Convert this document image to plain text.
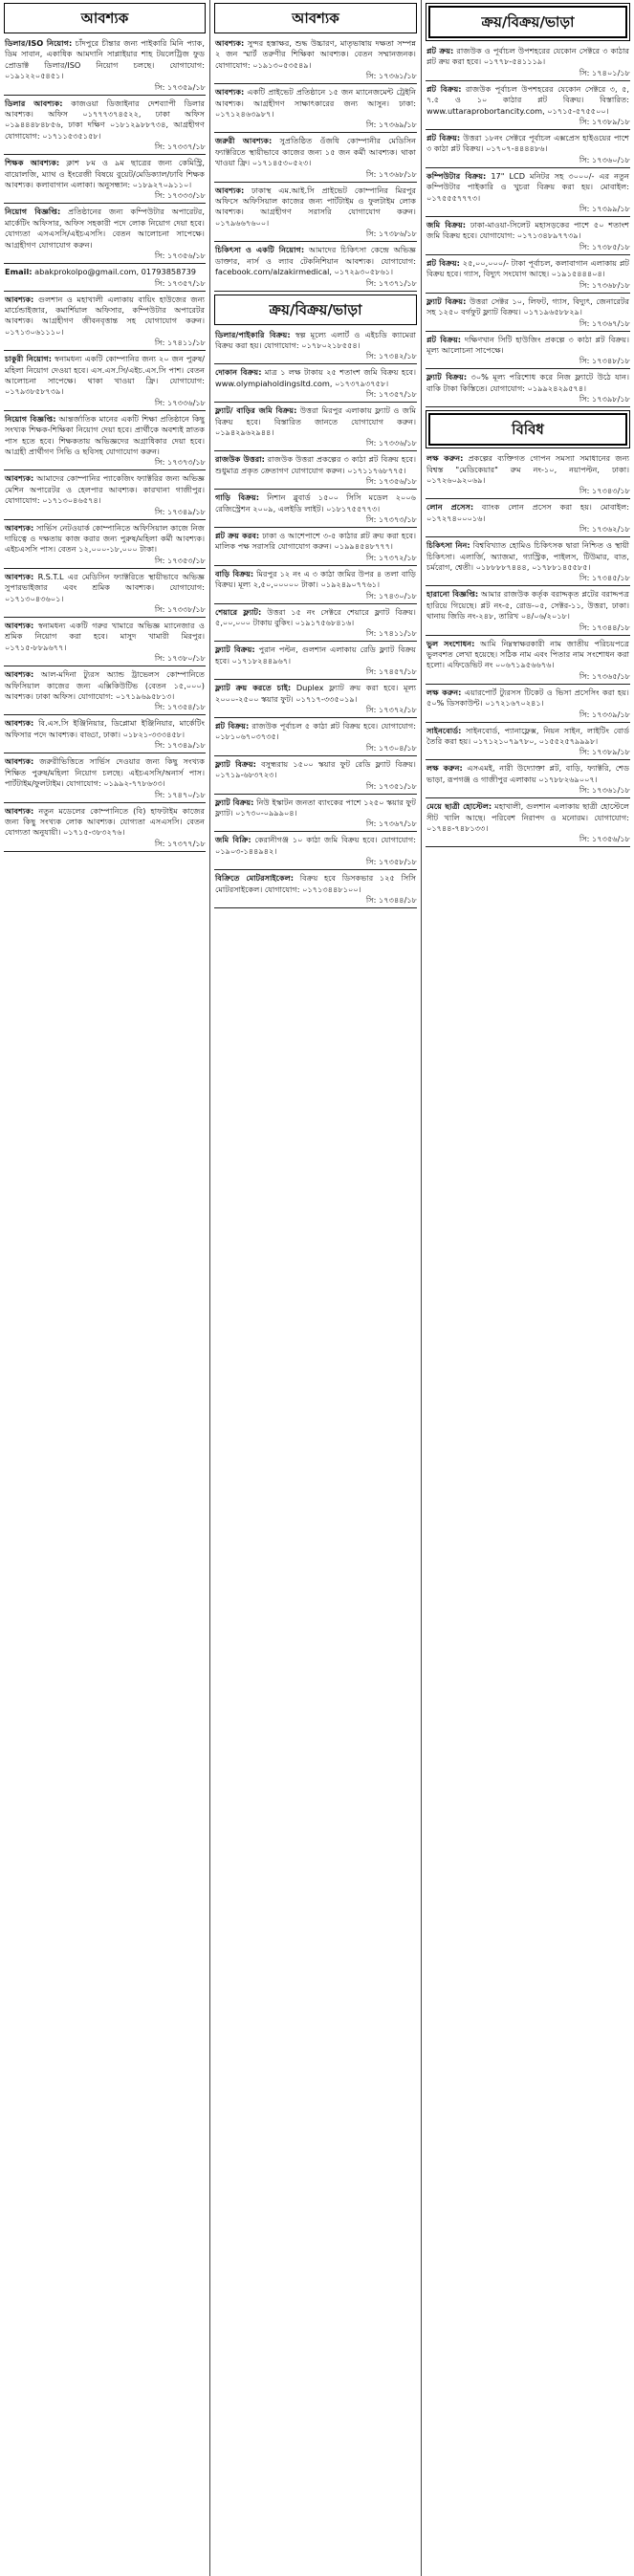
আবশ্যক
ডিলার/ISO নিয়োগ: চাঁদপুরে চীন্তার জন্য পাইকারি মিনি প্যাক, ডিম সাবান, একাধিক আমদানি সাপ্লাইয়ার শাহ টয়লেট্রিজ ফুড প্রোডাক্ট ডিলার/ISO নিয়োগ চলছে। যোগাযোগ: ০১৯১২২০৫৪৫১।
সি: ১৭৩৫৯/১৮
ডিলার আবশ্যক: কাজওয়া ডিজাইনার দেশব্যাপী ডিলার আবশ্যক। অফিস ০১৭৭৭৩৭৪৫২২, ঢাকা অফিস ০১৯৪৪৪৮৪৮৫৬, ঢাকা দক্ষিণ ০১৮১২৯৮৮৭৩৪, আগ্রহীগণ যোগাযোগ: ০১৭১১৫৩৫১৫৮।
সি: ১৭৩৩৭/১৮
শিক্ষক আবশ্যক: ক্লাশ ৮ম ও ৯ম ছাত্রের জন্য কেমিস্ট্রি, বায়োলজি, ম্যাথ ও ইংরেজী বিষয়ে বুয়েট/মেডিক্যাল/ঢাবি শিক্ষক আবশ্যক। কলাবাগান এলাকা। অনুসন্ধান: ০১৮৯২৭০৯১১০।
সি: ১৭৩৩৩/১৮
নিয়োগ বিজ্ঞপ্তি: প্রতিষ্ঠানের জন্য কম্পিউটার অপারেটর, মার্কেটিং অফিসার, অফিস সহকারী পদে লোক নিয়োগ দেয়া হবে। যোগ্যতা এসএসসি/এইচএসসি। বেতন আলোচনা সাপেক্ষে। আগ্রহীগণ যোগাযোগ করুন।
সি: ১৭৩৫৬/১৮
Email: abakprokolpo@gmail.com, 01793858739
সি: ১৭৩৫৭/১৮
আবশ্যক: গুলশান ও মহাখালী এলাকায় বায়িং হাউজের জন্য মার্চেন্ডাইজার, কমার্শিয়াল অফিসার, কম্পিউটার অপারেটর আবশ্যক। আগ্রহীগণ জীবনবৃত্তান্ত সহ যোগাযোগ করুন। ০১৭১৩০৬১১১০।
সি: ১৭৪১১/১৮
চাকুরী নিয়োগ: স্বনামধন্য একটি কোম্পানির জন্য ২০ জন পুরুষ/মহিলা নিয়োগ দেওয়া হবে। এস.এস.সি/এইচ.এস.সি পাশ। বেতন আলোচনা সাপেক্ষে। থাকা খাওয়া ফ্রি। যোগাযোগ: ০১৭৯৩৮৫৮৭৩৯।
সি: ১৭৩৩৬/১৮
নিয়োগ বিজ্ঞপ্তি: আন্তর্জাতিক মানের একটি শিক্ষা প্রতিষ্ঠানে কিছু সংখ্যক শিক্ষক-শিক্ষিকা নিয়োগ দেয়া হবে। প্রার্থীকে অবশ্যই স্নাতক পাস হতে হবে। শিক্ষকতায় অভিজ্ঞদের অগ্রাধিকার দেয়া হবে। আগ্রহী প্রার্থীগণ সিভি ও ছবিসহ যোগাযোগ করুন।
সি: ১৭৩৭৩/১৮
আবশ্যক: আমাদের কোম্পানির প্যাকেজিং ফ্যাক্টরির জন্য অভিজ্ঞ মেশিন অপারেটর ও হেলপার আবশ্যক। কারখানা গাজীপুর। যোগাযোগ: ০১৭১৩০৪৬৫৭৪।
সি: ১৭৩৪৯/১৮
আবশ্যক: সার্ভিস নেটওয়ার্ক কোম্পানিতে অফিসিয়াল কাজে নিজ দায়িত্বে ও দক্ষতায় কাজ করার জন্য পুরুষ/মহিলা কর্মী আবশ্যক। এইচএসসি পাস। বেতন ১২,০০০-১৮,০০০ টাকা।
সি: ১৭৩৫৩/১৮
আবশ্যক: R.S.T.L এর মেডিসিন ফ্যাক্টরিতে স্থায়ীভাবে অভিজ্ঞ সুপারভাইজার এবং শ্রমিক আবশ্যক। যোগাযোগ: ০১৭১৩০৪৩৬০১।
সি: ১৭৩৩৮/১৮
আবশ্যক: স্বনামধন্য একটি গরুর খামারে অভিজ্ঞ ম্যানেজার ও শ্রমিক নিয়োগ করা হবে। মাসুদ খামারী মিরপুর। ০১৭১৫-৮৮৯৬৭৭।
সি: ১৭৩৮০/১৮
আবশ্যক: আল-মদিনা ট্যুরস অ্যান্ড ট্রাভেলস কোম্পানিতে অফিসিয়াল কাজের জন্য এক্সিকিউটিভ (বেতন ১৫,০০০) আবশ্যক। ঢাকা অফিস। যোগাযোগ: ০১৭১৯৬৯৫৮১৩।
সি: ১৭৩৫৪/১৮
আবশ্যক: বি.এস.সি ইঞ্জিনিয়ার, ডিপ্লোমা ইঞ্জিনিয়ার, মার্কেটিং অফিসার পদে আবশ্যক। বাড্ডা, ঢাকা। ০১৮২১-৩৩৩৪৫৮।
সি: ১৭৩৪৯/১৮
আবশ্যক: জরুরীভিত্তিতে সার্ভিস দেওয়ার জন্য কিছু সংখ্যক শিক্ষিত পুরুষ/মহিলা নিয়োগ চলছে। এইচএসসি/অনার্স পাস। পার্টটাইম/ফুলটাইম। যোগাযোগ: ০১৯৯২-৭৭৮৬৩৩।
সি: ১৭৪৭০/১৮
আবশ্যক: নতুন মডেলের কোম্পানিতে (বি) হাফটাইম কাজের জন্য কিছু সংখ্যক লোক আবশ্যক। যোগ্যতা এসএসসি। বেতন যোগ্যতা অনুযায়ী। ০১৭১৫-৩৮৩২৭৬।
সি: ১৭৩৭৭/১৮
আবশ্যক
আবশ্যক: সুন্দর হস্তাক্ষর, শুদ্ধ উচ্চারণ, মাতৃভাষায় দক্ষতা সম্পন্ন ২ জন স্মার্ট তরুণীর শিক্ষিকা আবশ্যক। বেতন সম্মানজনক। যোগাযোগ: ০১৯১৩০৫৩৫৪৯।
সি: ১৭৩৬১/১৮
আবশ্যক: একটি প্রাইভেট প্রতিষ্ঠানে ১৫ জন ম্যানেজমেন্ট ট্রেইনি আবশ্যক। আগ্রহীগণ সাক্ষাৎকারের জন্য আসুন। ঢাকা: ০১৭১২৪৬৩৯৮৭।
সি: ১৭৩৬৯/১৮
জরুরী আবশ্যক: সুপ্রতিষ্ঠিত ওঁজধি কোম্পানীর মেডিসিন ফ্যাক্টরিতে স্থায়ীভাবে কাজের জন্য ১৫ জন কর্মী আবশ্যক। থাকা খাওয়া ফ্রি। ০১৭১৪৫৩০৫২৩।
সি: ১৭৩৬৮/১৮
আবশ্যক: ঢাকাস্থ এম.আই.সি প্রাইভেট কোম্পানির মিরপুর অফিসে অফিসিয়াল কাজের জন্য পার্টটাইম ও ফুলটাইম লোক আবশ্যক। আগ্রহীগণ সরাসরি যোগাযোগ করুন। ০১৭৯৬৬৭৬০০।
সি: ১৭৩৮৬/১৮
চিকিৎসা ও একটি নিয়োগ: আমাদের চিকিৎসা কেন্দ্রে অভিজ্ঞ ডাক্তার, নার্স ও ল্যাব টেকনিশিয়ান আবশ্যক। যোগাযোগ: facebook.com/alzakirmedical, ০১৭২৯৩০৫৮৬১।
সি: ১৭৩৭১/১৮
ক্রয়/বিক্রয়/ভাড়া
ডিলার/পাইকারি বিক্রয়: স্বল্প মূল্যে এলার্ট ও এইচডি ক্যামেরা বিক্রয় করা হয়। যোগাযোগ: ০১৭৮০২১৮৫৫৪।
সি: ১৭৩৪২/১৮
দোকান বিক্রয়: মাত্র ১ লক্ষ টাকায় ২৫ শতাংশ জমি বিক্রয় হবে। www.olympiaholdingsltd.com, ০১৭৩৭৯৩৭৫৮।
সি: ১৭৩৫৭/১৮
ফ্ল্যাট/ বাড়ির জমি বিক্রয়: উত্তরা মিরপুর এলাকায় ফ্ল্যাট ও জমি বিক্রয় হবে। বিস্তারিত জানতে যোগাযোগ করুন। ০১৯৪২৯৬২৯৪৪।
সি: ১৭৩৩৬/১৮
রাজউক উত্তরা: রাজউক উত্তরা প্রকল্পের ৩ কাঠা প্লট বিক্রয় হবে। শুধুমাত্র প্রকৃত ক্রেতাগণ যোগাযোগ করুন। ০১৭১১৭৬৮৭৭৫।
সি: ১৭৩৫৬/১৮
গাড়ি বিক্রয়: নিশান ব্লুবার্ড ১৫০০ সিসি মডেল ২০০৬ রেজিস্ট্রেশন ২০০৯, এলইডি লাইট। ০১৮১৭৫৫৭৭৩।
সি: ১৭৩৭৩/১৮
প্লট ক্রয় করব: ঢাকা ও আশেপাশে ৩-৫ কাঠার প্লট ক্রয় করা হবে। মালিক পক্ষ সরাসরি যোগাযোগ করুন। ০১৯৯৪৫৪৮৭৭৭।
সি: ১৭৩৭২/১৮
বাড়ি বিক্রয়: মিরপুর ১২ নং এ ৩ কাঠা জমির উপর ৪ তলা বাড়ি বিক্রয়। মূল্য ২,৫০,০০০০০ টাকা। ০১৯২৪৯০৭৭৬১।
সি: ১৭৪৩০/১৮
শেয়ারে ফ্ল্যাট: উত্তরা ১৫ নং সেক্টরে শেয়ারে ফ্ল্যাট বিক্রয়। ৫,০০,০০০ টাকায় বুকিং। ০১৯১৭৫৬৮৪১৬।
সি: ১৭৪১১/১৮
ফ্ল্যাট বিক্রয়: পুরান পল্টন, গুলশান এলাকায় রেডি ফ্ল্যাট বিক্রয় হবে। ০১৭১৮২৪৪৯৬৭।
সি: ১৭৪৫৭/১৮
ফ্ল্যাট ক্রয় করতে চাই: Duplex ফ্ল্যাট ক্রয় করা হবে। মূল্য ২০০০-২৫০০ স্কয়ার ফুট। ০১৭১৭-৩৩৫০১৯।
সি: ১৭৩৭২/১৮
প্লট বিক্রয়: রাজউক পূর্বাচল ৫ কাঠা প্লট বিক্রয় হবে। যোগাযোগ: ০১৮১০৬৭০৩৭৩৫।
সি: ১৭৩০৪/১৮
ফ্ল্যাট বিক্রয়: বসুন্ধরায় ১৫০০ স্কয়ার ফুট রেডি ফ্ল্যাট বিক্রয়। ০১৭১৯-৬৮৩৭২৩।
সি: ১৭৩৫১/১৮
ফ্ল্যাট বিক্রয়: নিউ ইস্কাটন জনতা ব্যাংকের পাশে ১২৫০ স্কয়ার ফুট ফ্ল্যাট। ০১৭৩০-০৯৯৯০৪।
সি: ১৭৩৬৭/১৮
জমি বিক্রি: কেরানীগঞ্জ ১০ কাঠা জমি বিক্রয় হবে। যোগাযোগ: ০১৯০৩-১৪৪৯৪২।
সি: ১৭৩৫৮/১৮
বিক্রিতে মোটরসাইকেল: বিক্রয় হবে ডিসকভার ১২৫ সিসি মোটরসাইকেল। যোগাযোগ: ০১৭১৩৪৪৮১০০।
সি: ১৭৩৪৪/১৮
ক্রয়/বিক্রয়/ভাড়া
প্লট ক্রয়: রাজউক ও পূর্বাচল উপশহরের যেকোন সেক্টরে ৩ কাঠার প্লট ক্রয় করা হবে। ০১৭৭৮-৫৪১১১৯।
সি: ১৭৪০১/১৮
প্লট বিক্রয়: রাজউক পূর্বাচল উপশহরের যেকোন সেক্টরে ৩, ৫, ৭.৫ ও ১০ কাঠার প্লট বিক্রয়। বিস্তারিত: www.uttaraprobortancity.com, ০১৭১৫-৫৭৫৫০০।
সি: ১৭৩৮৯/১৮
প্লট বিক্রয়: উত্তরা ১৮নং সেক্টরে পূর্বাচল এক্সপ্রেস হাইওয়ের পাশে ৩ কাঠা প্লট বিক্রয়। ০১৭০৭-৪৪৪৪৮৬।
সি: ১৭৩৬০/১৮
কম্পিউটার বিক্রয়: 17" LCD মনিটর সহ ৩০০০/- এর নতুন কম্পিউটার পাইকারি ও খুচরা বিক্রয় করা হয়। মোবাইল: ০১৭৫৫৫৭৭৭৩।
সি: ১৭৩৯৯/১৮
জমি বিক্রয়: ঢাকা-মাওয়া-সিলেট মহাসড়কের পাশে ৫০ শতাংশ জমি বিক্রয় হবে। যোগাযোগ: ০১৭১৩৪৮৯৭৭৩৯।
সি: ১৭৩৮৫/১৮
প্লট বিক্রয়: ২৫,০০,০০০/- টাকা পূর্বাচল, কলাবাগান এলাকায় প্লট বিক্রয় হবে। গ্যাস, বিদ্যুৎ সংযোগ আছে। ০১৯১৫৪৪৪০৪।
সি: ১৭৩৬৮/১৮
ফ্ল্যাট বিক্রয়: উত্তরা সেক্টর ১০, লিফট, গ্যাস, বিদ্যুৎ, জেনারেটর সহ ১২৫০ বর্গফুট ফ্ল্যাট বিক্রয়। ০১৭১৯৬৫৮৮২৯।
সি: ১৭৩৬৭/১৮
প্লট বিক্রয়: দক্ষিণখান সিটি হাউজিং প্রকল্পে ৩ কাঠা প্লট বিক্রয়। মূল্য আলোচনা সাপেক্ষে।
সি: ১৭৩৪৮/১৮
ফ্ল্যাট বিক্রয়: ৩০% মূল্য পরিশোধ করে নিজ ফ্ল্যাটে উঠে যান। বাকি টাকা কিস্তিতে। যোগাযোগ: ০১৯৯২৪২৯৫৭৪।
সি: ১৭৩৯৮/১৮
বিবিধ
লক্ষ করুন: প্রকল্পের ব্যক্তিগত গোপন সমস্যা সমাধানের জন্য বিশ্বস্ত "মেডিকেয়ার" রুম নং-১০, নয়াপল্টন, ঢাকা। ০১৭২৬০৯২০৬৯।
সি: ১৭৩৪৩/১৮
লোন প্রসেস: ব্যাংক লোন প্রসেস করা হয়। মোবাইল: ০১৭২৭৪০০০১৬।
সি: ১৭৩৬২/১৮
চিকিৎসা নিন: বিশ্ববিখ্যাত হোমিও চিকিৎসক দ্বারা নিশ্চিত ও স্থায়ী চিকিৎসা। এলার্জি, অ্যাজমা, গ্যাস্ট্রিক, পাইলস, টিউমার, বাত, চর্মরোগ, শ্বেতী। ০১৮৮৮৮৭৪৪৪, ০১৭৮৮১৪৫৫৮৫।
সি: ১৭৩৪৫/১৮
হারানো বিজ্ঞপ্তি: আমার রাজউক কর্তৃক বরাদ্দকৃত প্লটের বরাদ্দপত্র হারিয়ে গিয়েছে। প্লট নং-৫, রোড-০৫, সেক্টর-১১, উত্তরা, ঢাকা। থানায় জিডি নং-২৪৮, তারিখ ০৪/০৬/২০১৮।
সি: ১৭৩৪৪/১৮
ভুল সংশোধন: আমি নিম্নস্বাক্ষরকারী নাম জাতীয় পরিচয়পত্রে ভুলবশত লেখা হয়েছে। সঠিক নাম এবং পিতার নাম সংশোধন করা হলো। এফিডেভিট নং ০০৬৭১৯৫৬৬৭৬।
সি: ১৭৩৬৫/১৮
লক্ষ করুন: এয়ারপোর্ট ট্যুরসস টিকেট ও ভিসা প্রসেসিং করা হয়। ৫০% ডিসকাউন্ট। ০১৭২১৬৭০২৪১।
সি: ১৭৩৩৯/১৮
সাইনবোর্ড: সাইনবোর্ড, প্যানাফ্লেক্স, নিয়ন সাইন, লাইটিং বোর্ড তৈরি করা হয়। ০১৭১২১০৭৯৭৮০, ০১৫৫২৫৭৯৯৯৮।
সি: ১৭৩৮৯/১৮
লক্ষ করুন: এসএমই, নারী উদ্যোক্তা প্লট, বাড়ি, ফ্যাক্টরি, শেড ভাড়া, রূপগঞ্জ ও গাজীপুর এলাকায় ০১৭৮৮২৬৯০০৭।
সি: ১৭৩৬১/১৮
মেয়ে ছাত্রী হোস্টেল: মহাখালী, গুলশান এলাকায় ছাত্রী হোস্টেলে সীট খালি আছে। পরিবেশ নিরাপদ ও মনোরম। যোগাযোগ: ০১৭৪৪-৭৪৮১৩৩।
সি: ১৭৩৫৬/১৮
